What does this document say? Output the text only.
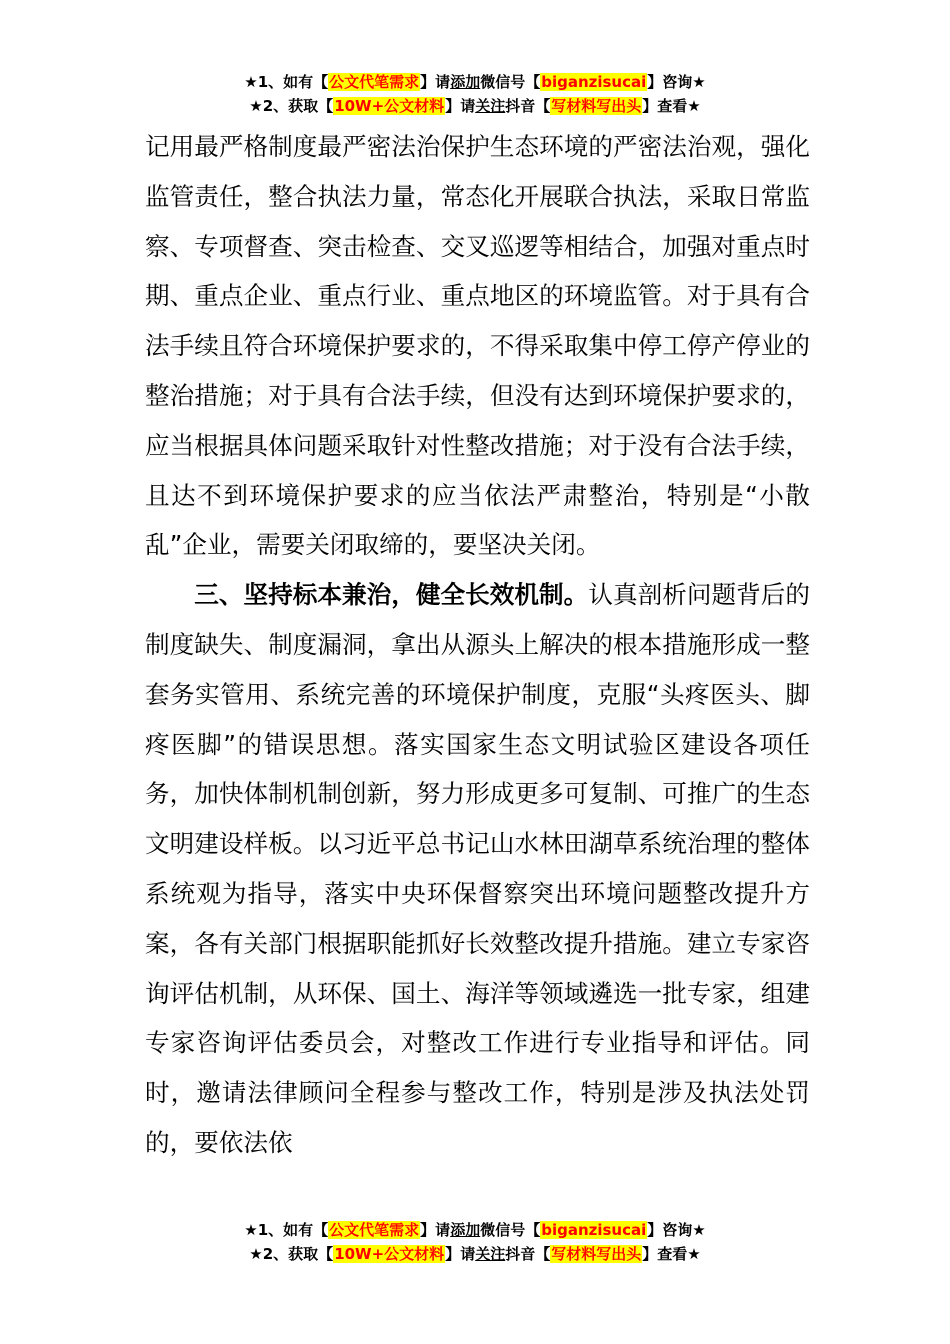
★1、如有【公文代笔需求】请添加微信号【biganzisucai】咨询★
★2、获取【10W+公文材料】请关注抖音【写材料写出头】查看★

记用最严格制度最严密法治保护生态环境的严密法治观，强化监管责任，整合执法力量，常态化开展联合执法，采取日常监察、专项督查、突击检查、交叉巡逻等相结合，加强对重点时期、重点企业、重点行业、重点地区的环境监管。对于具有合法手续且符合环境保护要求的，不得采取集中停工停产停业的整治措施；对于具有合法手续，但没有达到环境保护要求的，应当根据具体问题采取针对性整改措施；对于没有合法手续，且达不到环境保护要求的应当依法严肃整治，特别是“小散乱”企业，需要关闭取缔的，要坚决关闭。

三、坚持标本兼治，健全长效机制。认真剖析问题背后的制度缺失、制度漏洞，拿出从源头上解决的根本措施形成一整套务实管用、系统完善的环境保护制度，克服“头疼医头、脚疼医脚”的错误思想。落实国家生态文明试验区建设各项任务，加快体制机制创新，努力形成更多可复制、可推广的生态文明建设样板。以习近平总书记山水林田湖草系统治理的整体系统观为指导，落实中央环保督察突出环境问题整改提升方案，各有关部门根据职能抓好长效整改提升措施。建立专家咨询评估机制，从环保、国土、海洋等领域遴选一批专家，组建专家咨询评估委员会，对整改工作进行专业指导和评估。同时，邀请法律顾问全程参与整改工作，特别是涉及执法处罚的，要依法依

★1、如有【公文代笔需求】请添加微信号【biganzisucai】咨询★
★2、获取【10W+公文材料】请关注抖音【写材料写出头】查看★
